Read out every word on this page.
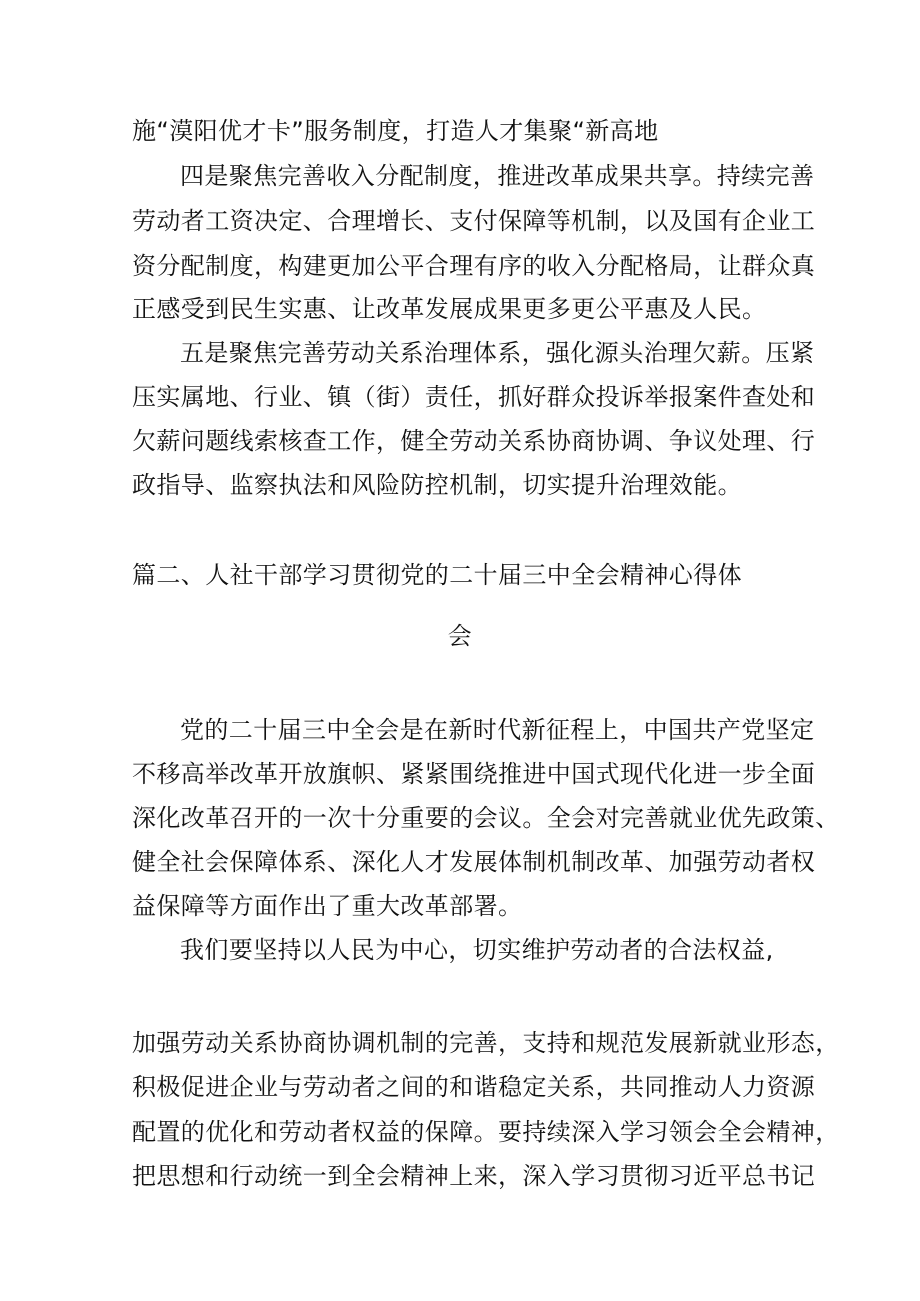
施“漠阳优才卡”服务制度，打造人才集聚“新高地
四是聚焦完善收入分配制度，推进改革成果共享。持续完善
劳动者工资决定、合理增长、支付保障等机制，以及国有企业工
资分配制度，构建更加公平合理有序的收入分配格局，让群众真
正感受到民生实惠、让改革发展成果更多更公平惠及人民。
五是聚焦完善劳动关系治理体系，强化源头治理欠薪。压紧
压实属地、行业、镇（街）责任，抓好群众投诉举报案件查处和
欠薪问题线索核查工作，健全劳动关系协商协调、争议处理、行
政指导、监察执法和风险防控机制，切实提升治理效能。
篇二、人社干部学习贯彻党的二十届三中全会精神心得体
会
党的二十届三中全会是在新时代新征程上，中国共产党坚定
不移高举改革开放旗帜、紧紧围绕推进中国式现代化进一步全面
深化改革召开的一次十分重要的会议。全会对完善就业优先政策、
健全社会保障体系、深化人才发展体制机制改革、加强劳动者权
益保障等方面作出了重大改革部署。
我们要坚持以人民为中心，切实维护劳动者的合法权益,
加强劳动关系协商协调机制的完善，支持和规范发展新就业形态，
积极促进企业与劳动者之间的和谐稳定关系，共同推动人力资源
配置的优化和劳动者权益的保障。要持续深入学习领会全会精神，
把思想和行动统一到全会精神上来，深入学习贯彻习近平总书记
